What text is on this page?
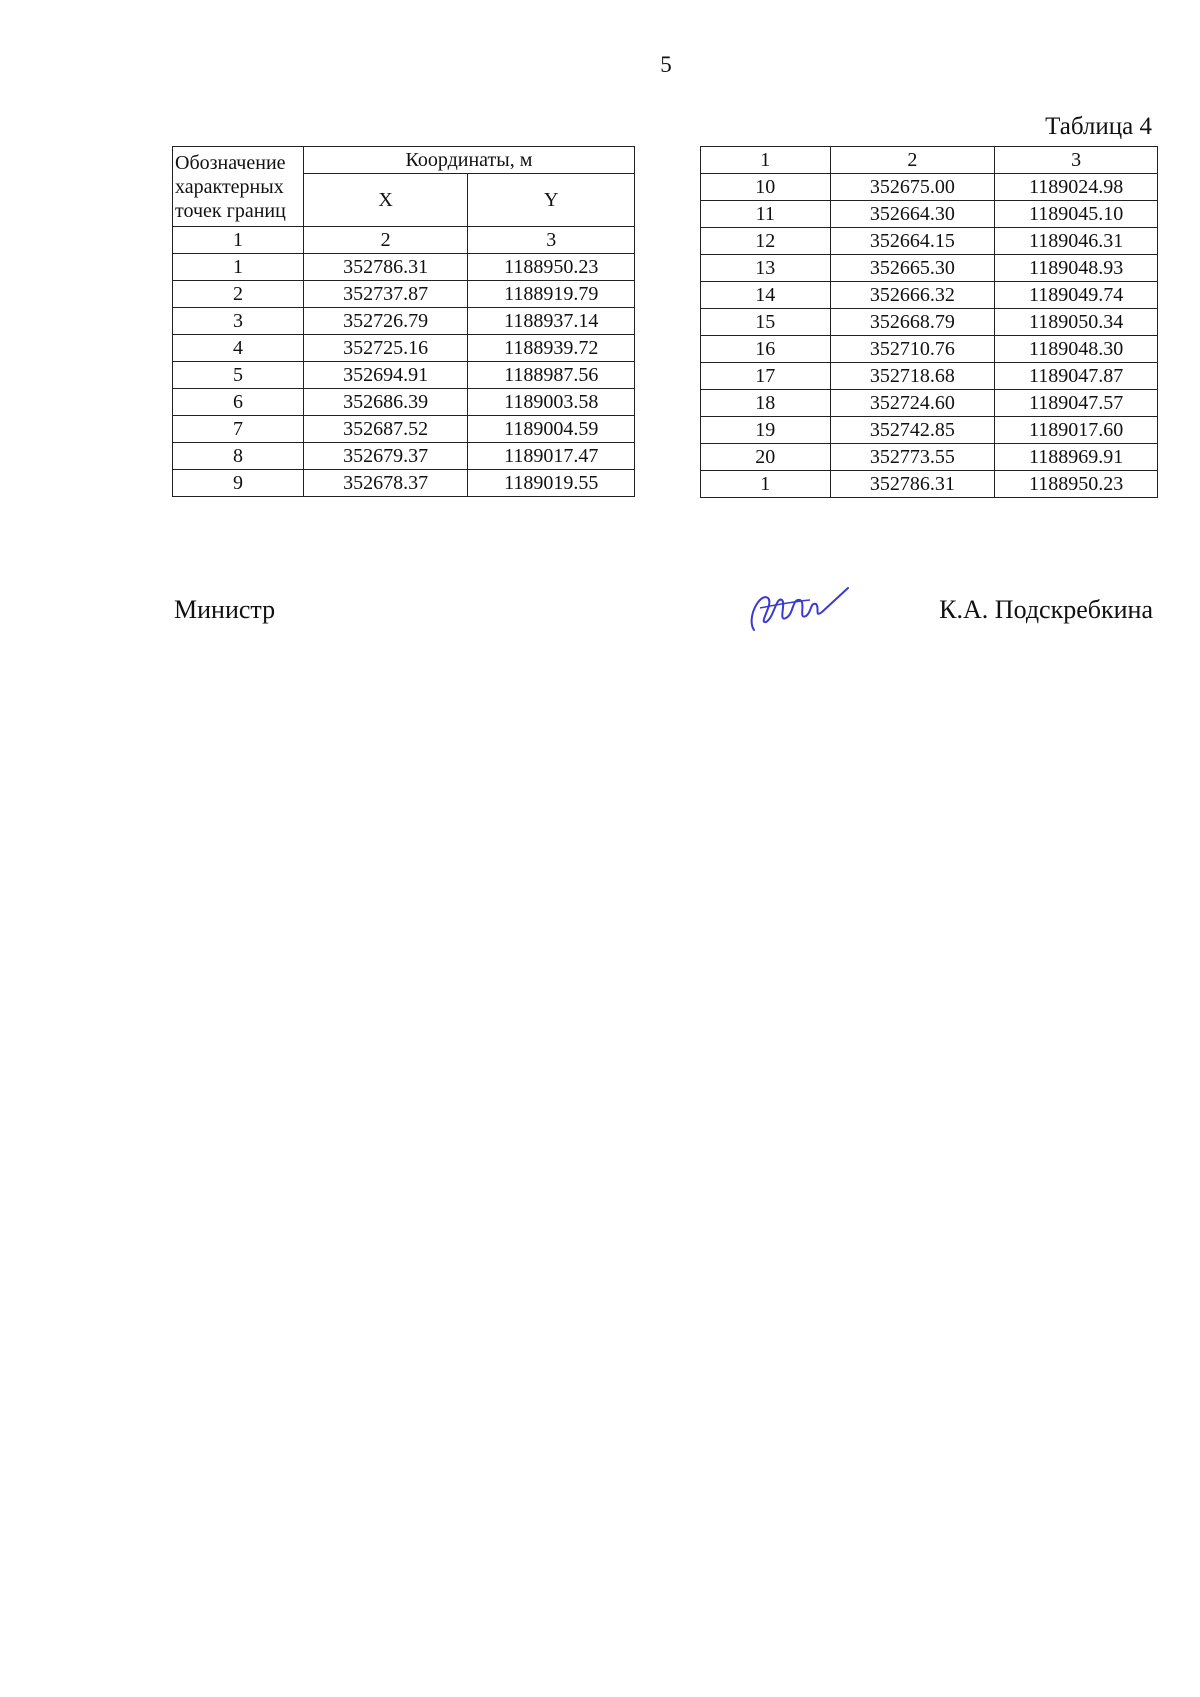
5
Таблица 4
Обозначение характерных точек границ	Координаты, м	
	X	Y
1	2	3
1	352786.31	1188950.23
2	352737.87	1188919.79
3	352726.79	1188937.14
4	352725.16	1188939.72
5	352694.91	1188987.56
6	352686.39	1189003.58
7	352687.52	1189004.59
8	352679.37	1189017.47
9	352678.37	1189019.55
1	2	3
10	352675.00	1189024.98
11	352664.30	1189045.10
12	352664.15	1189046.31
13	352665.30	1189048.93
14	352666.32	1189049.74
15	352668.79	1189050.34
16	352710.76	1189048.30
17	352718.68	1189047.87
18	352724.60	1189047.57
19	352742.85	1189017.60
20	352773.55	1188969.91
1	352786.31	1188950.23
Министр	К.А. Подскребкина
